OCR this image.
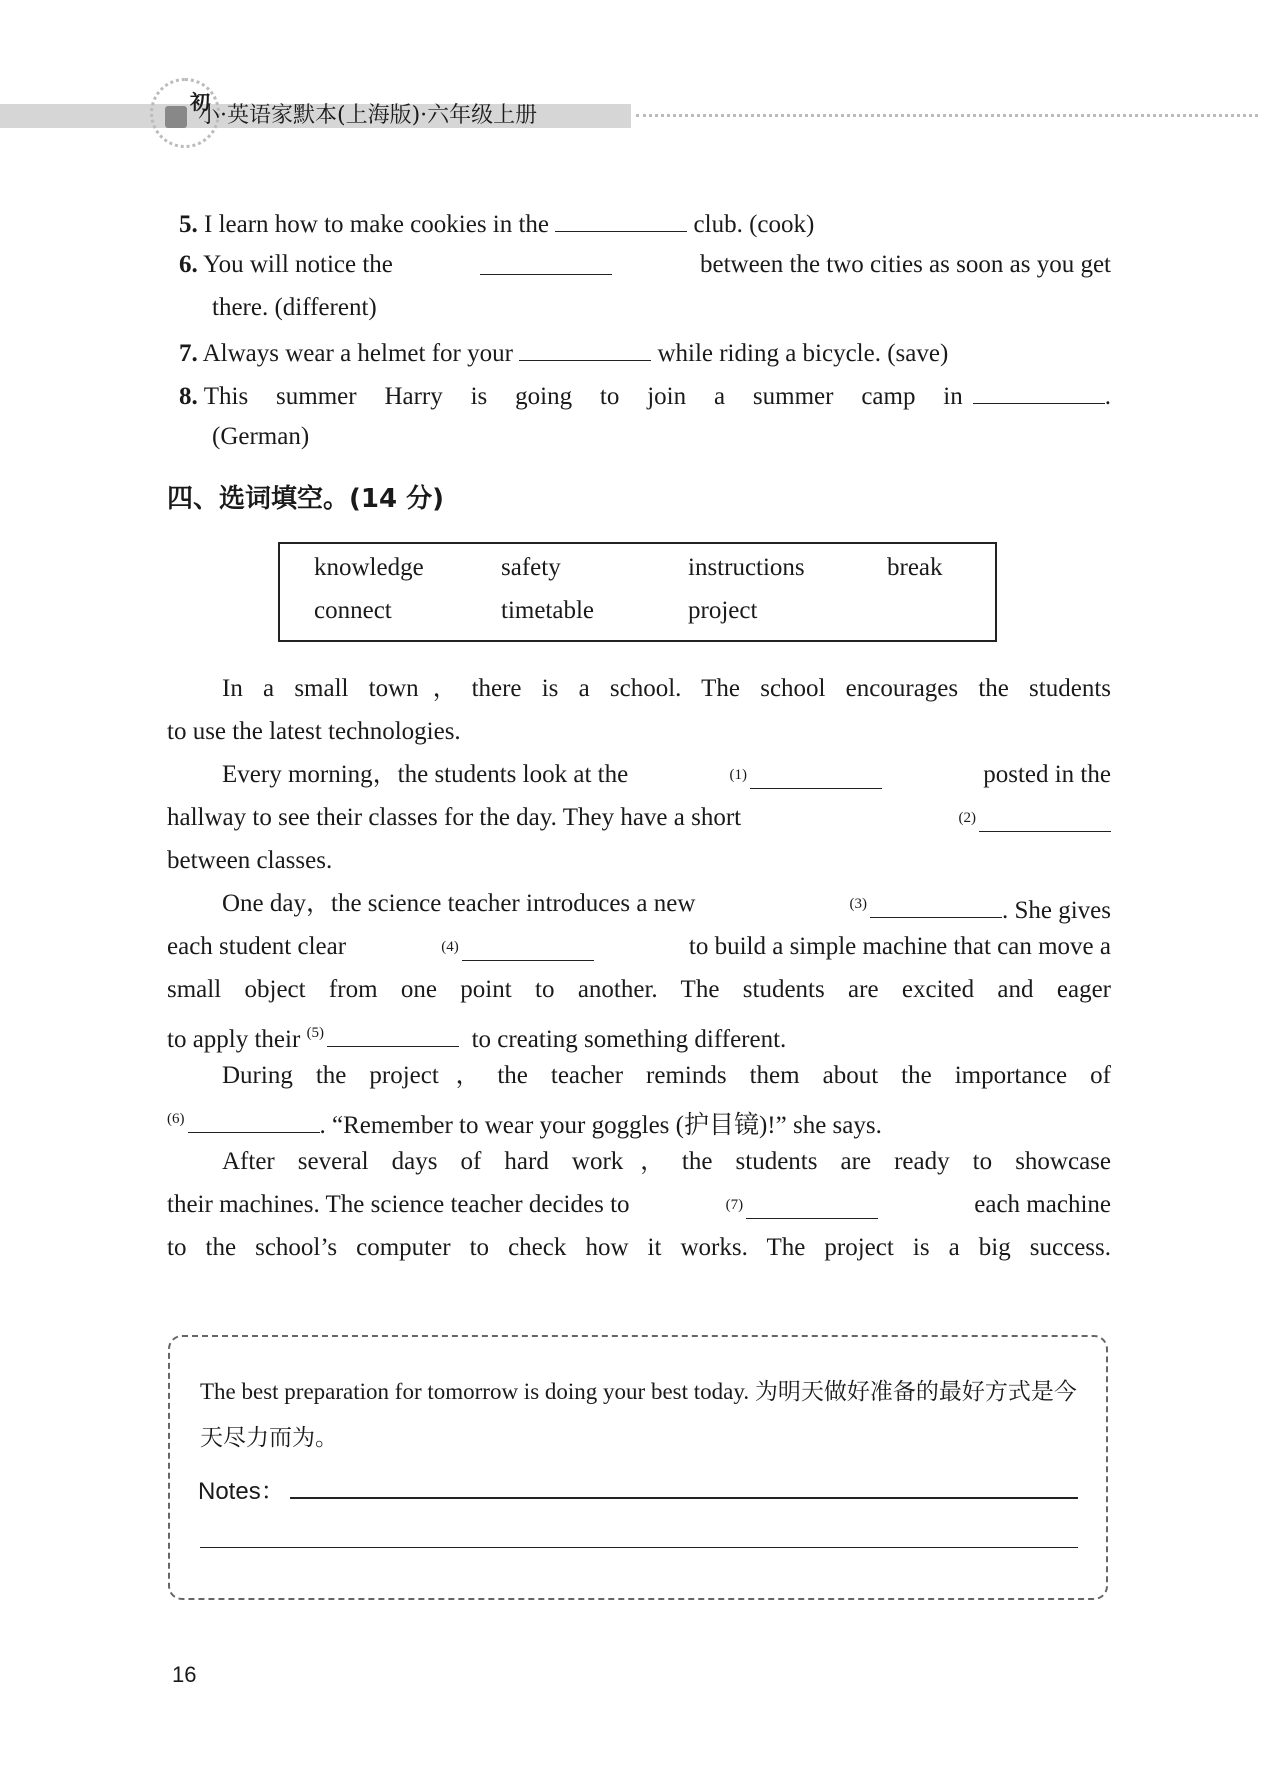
初
小·英语家默本(上海版)·六年级上册
5. I learn how to make cookies in the	club. (cook)
6. You will notice the	between the two cities as soon as you get
there. (different)
7. Always wear a helmet for your	while riding a bicycle. (save)
8. This summer Harry is going to join a summer camp in	.
(German)
四、选词填空。(14 分)
knowledge	safety	instructions	break
connect	timetable	project
In a small town，there is a school. The school encourages the students
to use the latest technologies.
Every morning，the students look at the	$^{(1)}$	posted in the
hallway to see their classes for the day. They have a short	$^{(2)}$
between classes.
One day，the science teacher introduces a new	$^{(3)}$	. She gives
each student clear	$^{(4)}$	to build a simple machine that can move a
small object from one point to another. The students are excited and eager
to apply their $^{(5)}$	to creating something different.
During the project，the teacher reminds them about the importance of
$^{(6)}$	. “Remember to wear your goggles (护目镜)!” she says.
After several days of hard work，the students are ready to showcase
their machines. The science teacher decides to	$^{(7)}$	each machine
to the school’s computer to check how it works. The project is a big success.
The best preparation for tomorrow is doing your best today. 为明天做好准备的最好方式是今天尽力而为。
Notes：
16
